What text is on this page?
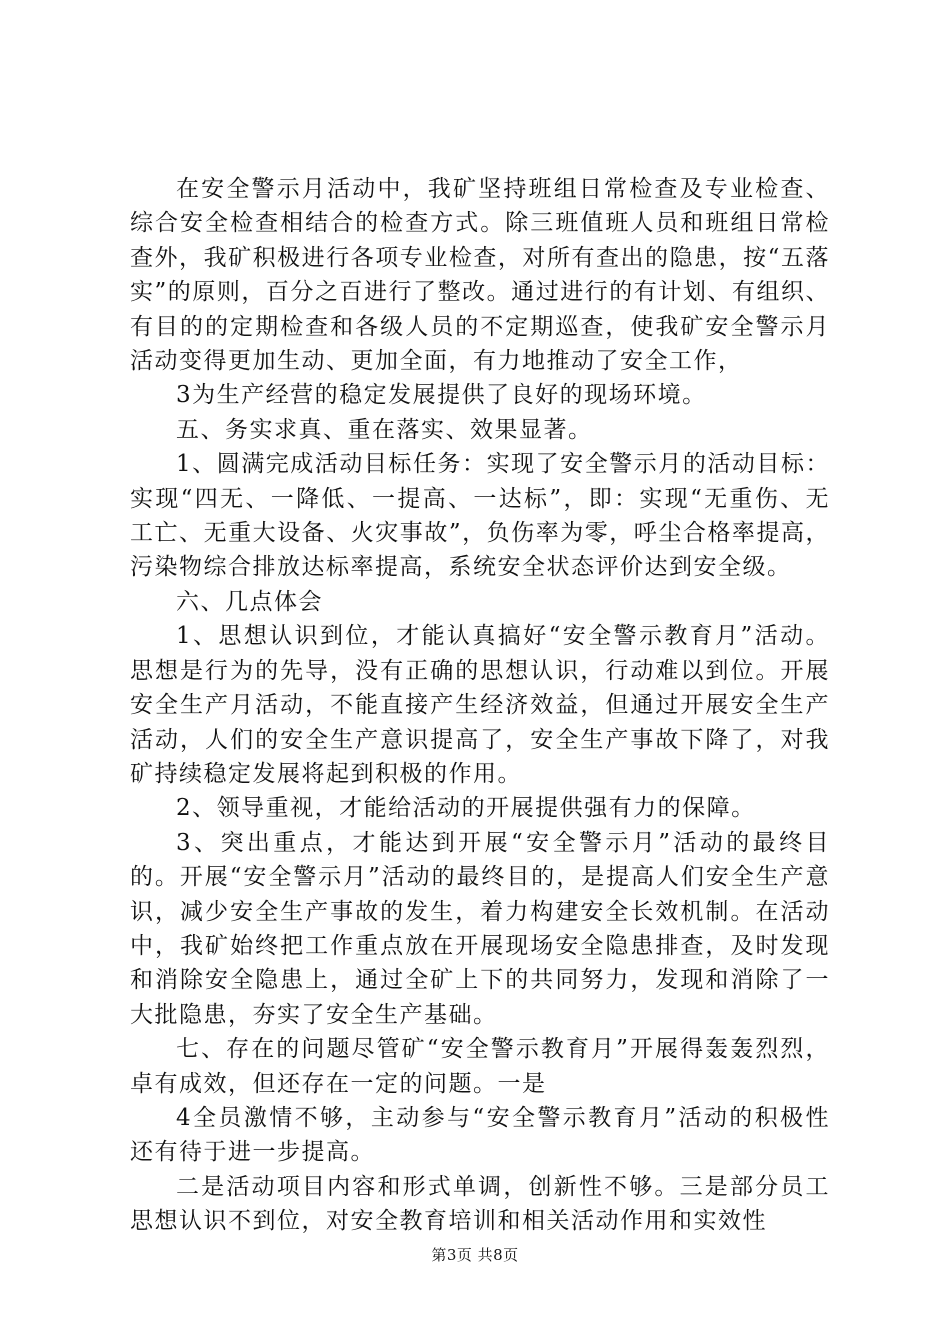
在安全警示月活动中，我矿坚持班组日常检查及专业检查、综合安全检查相结合的检查方式。除三班值班人员和班组日常检查外，我矿积极进行各项专业检查，对所有查出的隐患，按“五落实”的原则，百分之百进行了整改。通过进行的有计划、有组织、有目的的定期检查和各级人员的不定期巡查，使我矿安全警示月活动变得更加生动、更加全面，有力地推动了安全工作，

3为生产经营的稳定发展提供了良好的现场环境。

五、务实求真、重在落实、效果显著。

1、圆满完成活动目标任务：实现了安全警示月的活动目标：实现“四无、一降低、一提高、一达标”，即：实现“无重伤、无工亡、无重大设备、火灾事故”，负伤率为零，呼尘合格率提高，污染物综合排放达标率提高，系统安全状态评价达到安全级。

六、几点体会

1、思想认识到位，才能认真搞好“安全警示教育月”活动。思想是行为的先导，没有正确的思想认识，行动难以到位。开展安全生产月活动，不能直接产生经济效益，但通过开展安全生产活动，人们的安全生产意识提高了，安全生产事故下降了，对我矿持续稳定发展将起到积极的作用。

2、领导重视，才能给活动的开展提供强有力的保障。

3、突出重点，才能达到开展“安全警示月”活动的最终目的。开展“安全警示月”活动的最终目的，是提高人们安全生产意识，减少安全生产事故的发生，着力构建安全长效机制。在活动中，我矿始终把工作重点放在开展现场安全隐患排查，及时发现和消除安全隐患上，通过全矿上下的共同努力，发现和消除了一大批隐患，夯实了安全生产基础。

七、存在的问题尽管矿“安全警示教育月”开展得轰轰烈烈，卓有成效，但还存在一定的问题。一是

4全员激情不够，主动参与“安全警示教育月”活动的积极性还有待于进一步提高。

二是活动项目内容和形式单调，创新性不够。三是部分员工思想认识不到位，对安全教育培训和相关活动作用和实效性

第3页 共8页
